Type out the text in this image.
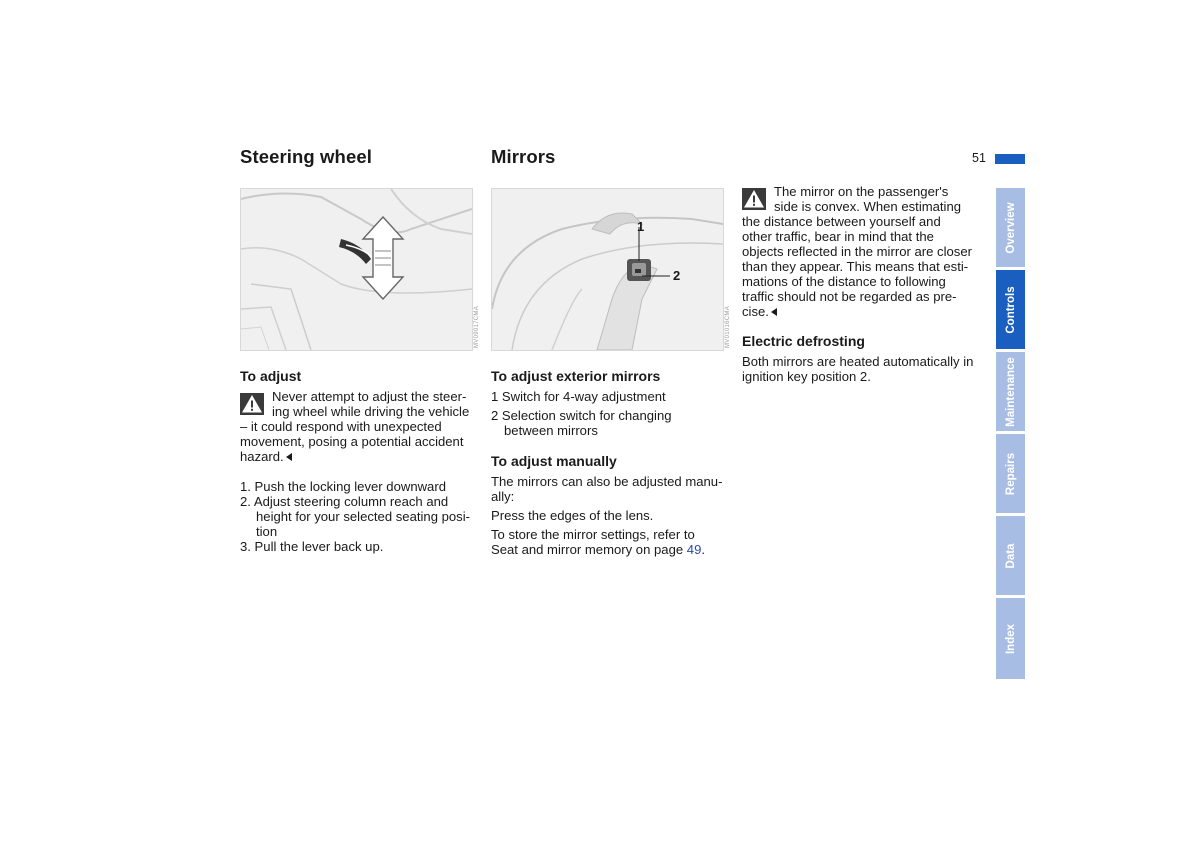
51
Overview
Controls
Maintenance
Repairs
Data
Index
Steering wheel
MV09017CMA
To adjust
Never attempt to adjust the steer-
ing wheel while driving the vehicle
– it could respond with unexpected
movement, posing a potential accident
hazard.
1. Push the locking lever downward
2. Adjust steering column reach and
height for your selected seating posi-
tion
3. Pull the lever back up.
Mirrors
1
2
MV01016CMA
To adjust exterior mirrors
1 Switch for 4-way adjustment
2 Selection switch for changing
between mirrors
To adjust manually
The mirrors can also be adjusted manu-
ally:
Press the edges of the lens.
To store the mirror settings, refer to
Seat and mirror memory on page 49.
The mirror on the passenger's
side is convex. When estimating
the distance between yourself and
other traffic, bear in mind that the
objects reflected in the mirror are closer
than they appear. This means that esti-
mations of the distance to following
traffic should not be regarded as pre-
cise.
Electric defrosting
Both mirrors are heated automatically in
ignition key position 2.
